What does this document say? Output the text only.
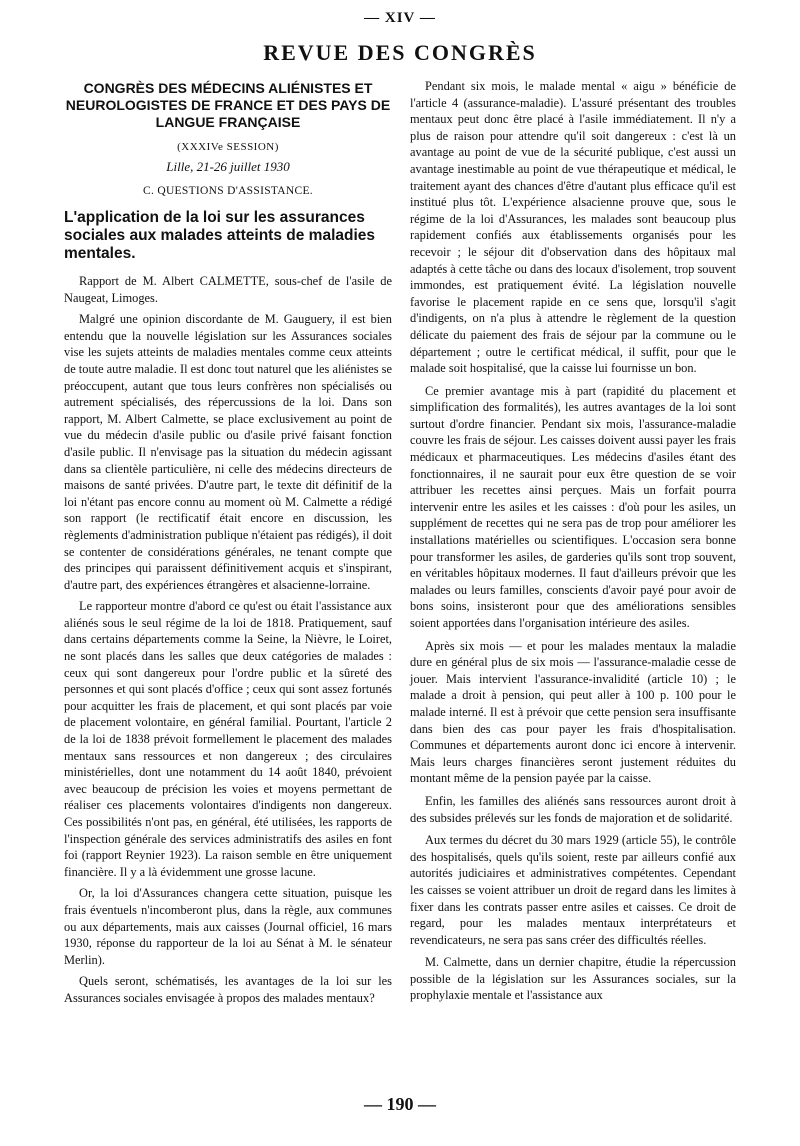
— XIV —
REVUE DES CONGRÈS
CONGRÈS DES MÉDECINS ALIÉNISTES ET NEUROLOGISTES DE FRANCE ET DES PAYS DE LANGUE FRANÇAISE
(XXXIVe SESSION)
Lille, 21-26 juillet 1930
C. QUESTIONS D'ASSISTANCE.
L'application de la loi sur les assurances sociales aux malades atteints de maladies mentales.

Rapport de M. Albert CALMETTE, sous-chef de l'asile de Naugeat, Limoges.

Malgré une opinion discordante de M. Gauguery, il est bien entendu que la nouvelle législation sur les Assurances sociales vise les sujets atteints de maladies mentales comme ceux atteints de toute autre maladie. Il est donc tout naturel que les aliénistes se préoccupent, autant que tous leurs confrères non spécialisés ou autrement spécialisés, des répercussions de la loi. Dans son rapport, M. Albert Calmette, se place exclusivement au point de vue du médecin d'asile public ou d'asile privé faisant fonction d'asile public. Il n'envisage pas la situation du médecin agissant dans sa clientèle particulière, ni celle des médecins directeurs de maisons de santé privées. D'autre part, le texte dit définitif de la loi n'étant pas encore connu au moment où M. Calmette a rédigé son rapport (le rectificatif était encore en discussion, les règlements d'administration publique n'étaient pas rédigés), il doit se contenter de considérations générales, ne tenant compte que des principes qui paraissent définitivement acquis et s'inspirant, d'autre part, des expériences étrangères et alsacienne-lorraine.

Le rapporteur montre d'abord ce qu'est ou était l'assistance aux aliénés sous le seul régime de la loi de 1818. Pratiquement, sauf dans certains départements comme la Seine, la Nièvre, le Loiret, ne sont placés dans les salles que deux catégories de malades : ceux qui sont dangereux pour l'ordre public et la sûreté des personnes et qui sont placés d'office ; ceux qui sont assez fortunés pour acquitter les frais de placement, et qui sont placés par voie de placement volontaire, en général familial. Pourtant, l'article 2 de la loi de 1838 prévoit formellement le placement des malades mentaux sans ressources et non dangereux ; des circulaires ministérielles, dont une notamment du 14 août 1840, prévoient avec beaucoup de précision les voies et moyens permettant de réaliser ces placements volontaires d'indigents non dangereux. Ces possibilités n'ont pas, en général, été utilisées, les rapports de l'inspection générale des services administratifs des asiles en font foi (rapport Reynier 1923). La raison semble en être uniquement financière. Il y a là évidemment une grosse lacune.

Or, la loi d'Assurances changera cette situation, puisque les frais éventuels n'incomberont plus, dans la règle, aux communes ou aux départements, mais aux caisses (Journal officiel, 16 mars 1930, réponse du rapporteur de la loi au Sénat à M. le sénateur Merlin).

Quels seront, schématisés, les avantages de la loi sur les Assurances sociales envisagée à propos des malades mentaux?

Pendant six mois, le malade mental « aigu » bénéficie de l'article 4 (assurance-maladie). L'assuré présentant des troubles mentaux peut donc être placé à l'asile immédiatement. Il n'y a plus de raison pour attendre qu'il soit dangereux : c'est là un avantage au point de vue de la sécurité publique, c'est aussi un avantage inestimable au point de vue thérapeutique et médical, le traitement ayant des chances d'être d'autant plus efficace qu'il est institué plus tôt. L'expérience alsacienne prouve que, sous le régime de la loi d'Assurances, les malades sont beaucoup plus rapidement confiés aux établissements organisés pour les recevoir ; le séjour dit d'observation dans des hôpitaux mal adaptés à cette tâche ou dans des locaux d'isolement, trop souvent immondes, est pratiquement évité. La législation nouvelle favorise le placement rapide en ce sens que, lorsqu'il s'agit d'indigents, on n'a plus à attendre le règlement de la question délicate du paiement des frais de séjour par la commune ou le département ; outre le certificat médical, il suffit, pour que le malade soit hospitalisé, que la caisse lui fournisse un bon.

Ce premier avantage mis à part (rapidité du placement et simplification des formalités), les autres avantages de la loi sont surtout d'ordre financier. Pendant six mois, l'assurance-maladie couvre les frais de séjour. Les caisses doivent aussi payer les frais médicaux et pharmaceutiques. Les médecins d'asiles étant des fonctionnaires, il ne saurait pour eux être question de se voir attribuer les recettes ainsi perçues. Mais un forfait pourra intervenir entre les asiles et les caisses : d'où pour les asiles, un supplément de recettes qui ne sera pas de trop pour améliorer les installations matérielles ou scientifiques. L'occasion sera bonne pour transformer les asiles, de garderies qu'ils sont trop souvent, en véritables hôpitaux modernes. Il faut d'ailleurs prévoir que les malades ou leurs familles, conscients d'avoir payé pour avoir de bons soins, insisteront pour que des améliorations sensibles soient apportées dans l'organisation intérieure des asiles.

Après six mois — et pour les malades mentaux la maladie dure en général plus de six mois — l'assurance-maladie cesse de jouer. Mais intervient l'assurance-invalidité (article 10) ; le malade a droit à pension, qui peut aller à 100 p. 100 pour le malade interné. Il est à prévoir que cette pension sera insuffisante dans bien des cas pour payer les frais d'hospitalisation. Communes et départements auront donc ici encore à intervenir. Mais leurs charges financières seront justement réduites du montant même de la pension payée par la caisse.

Enfin, les familles des aliénés sans ressources auront droit à des subsides prélevés sur les fonds de majoration et de solidarité.

Aux termes du décret du 30 mars 1929 (article 55), le contrôle des hospitalisés, quels qu'ils soient, reste par ailleurs confié aux autorités judiciaires et administratives compétentes. Cependant les caisses se voient attribuer un droit de regard dans les limites à fixer dans les contrats passer entre asiles et caisses. Ce droit de regard, pour les malades mentaux interprétateurs et revendicateurs, ne sera pas sans créer des difficultés réelles.

M. Calmette, dans un dernier chapitre, étudie la répercussion possible de la législation sur les Assurances sociales, sur la prophylaxie mentale et l'assistance aux

— 190 —
